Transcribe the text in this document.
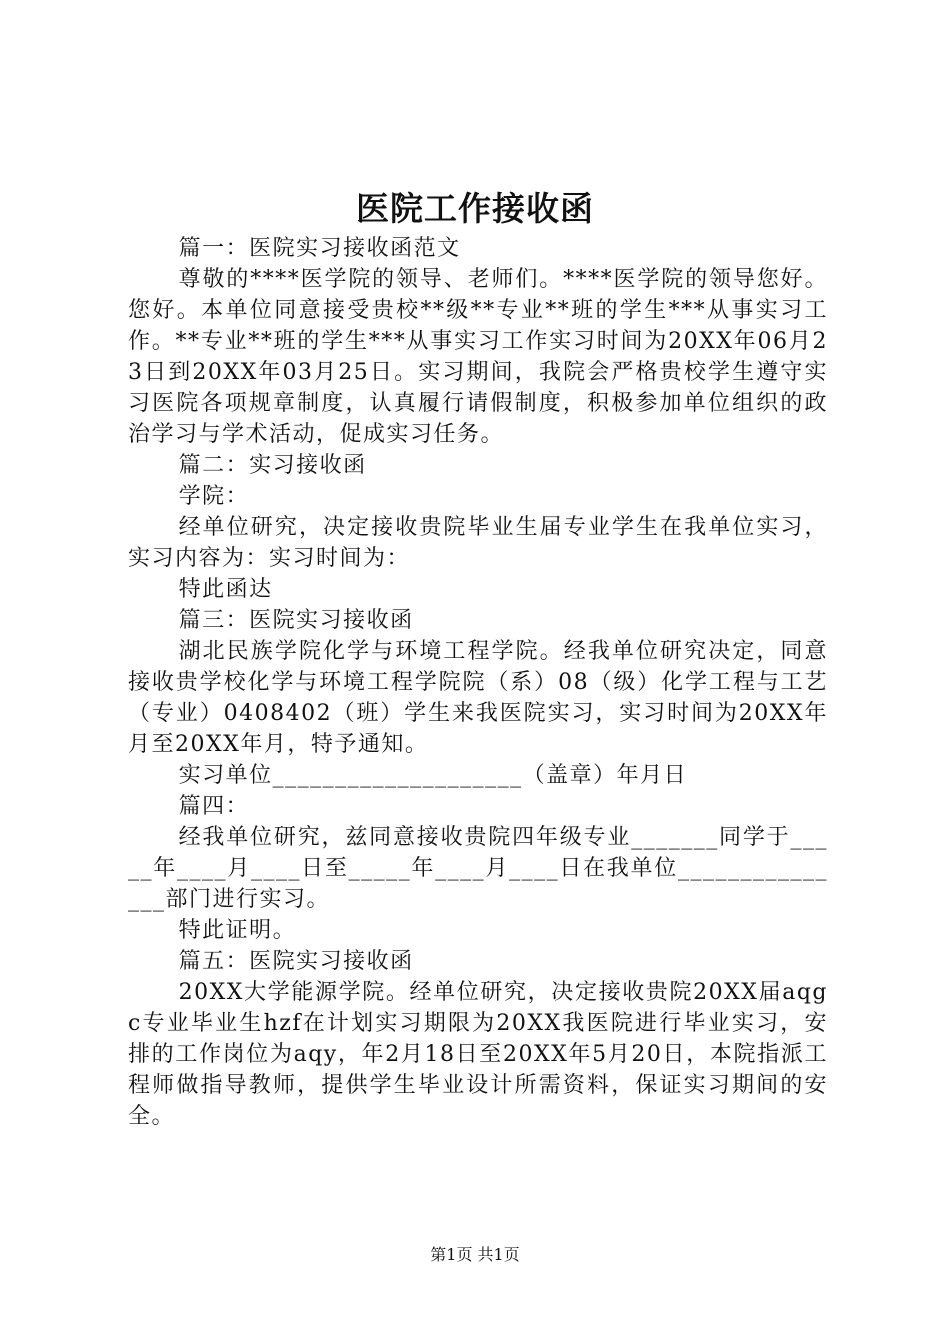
医院工作接收函

篇一：医院实习接收函范文

尊敬的****医学院的领导、老师们。****医学院的领导您好。您好。本单位同意接受贵校**级**专业**班的学生***从事实习工作。**专业**班的学生***从事实习工作实习时间为20XX年06月23日到20XX年03月25日。实习期间，我院会严格贵校学生遵守实习医院各项规章制度，认真履行请假制度，积极参加单位组织的政治学习与学术活动，促成实习任务。

篇二：实习接收函

学院：

经单位研究，决定接收贵院毕业生届专业学生在我单位实习，实习内容为：实习时间为：

特此函达

篇三：医院实习接收函

湖北民族学院化学与环境工程学院。经我单位研究决定，同意接收贵学校化学与环境工程学院院（系）08（级）化学工程与工艺（专业）0408402（班）学生来我医院实习，实习时间为20XX年月至20XX年月，特予通知。

实习单位____________________（盖章）年月日

篇四：

经我单位研究，兹同意接收贵院四年级专业_______同学于_____年____月____日至_____年____月____日在我单位_______________部门进行实习。

特此证明。

篇五：医院实习接收函

20XX大学能源学院。经单位研究，决定接收贵院20XX届aqgc专业毕业生hzf在计划实习期限为20XX我医院进行毕业实习，安排的工作岗位为aqy，年2月18日至20XX年5月20日，本院指派工程师做指导教师，提供学生毕业设计所需资料，保证实习期间的安全。

第1页 共1页
